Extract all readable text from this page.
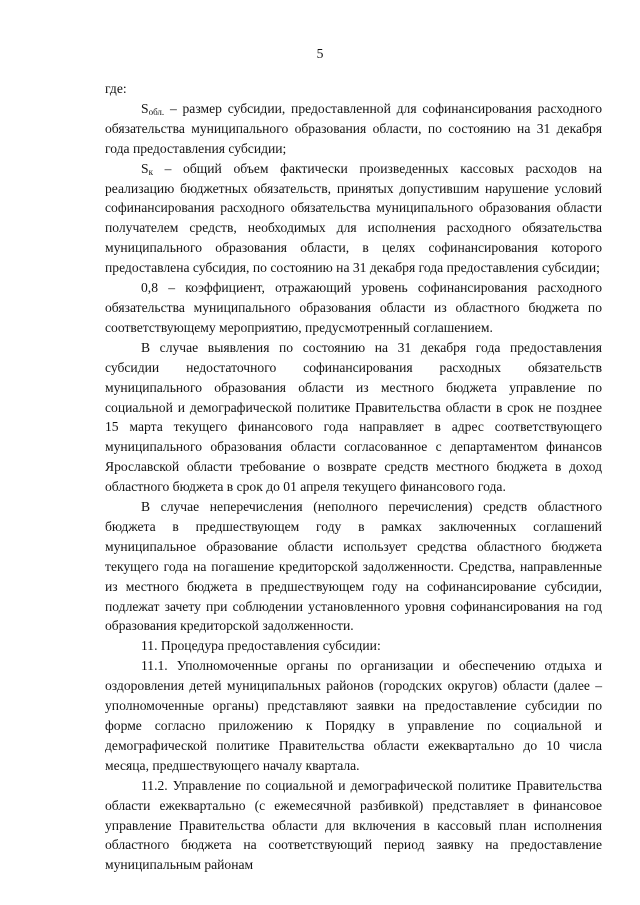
5

где:

$S_{обл.}$ – размер субсидии, предоставленной для софинансирования расходного обязательства муниципального образования области, по состоянию на 31 декабря года предоставления субсидии;

$S_к$ – общий объем фактически произведенных кассовых расходов на реализацию бюджетных обязательств, принятых допустившим нарушение условий софинансирования расходного обязательства муниципального образования области получателем средств, необходимых для исполнения расходного обязательства муниципального образования области, в целях софинансирования которого предоставлена субсидия, по состоянию на 31 декабря года предоставления субсидии;

0,8 – коэффициент, отражающий уровень софинансирования расходного обязательства муниципального образования области из областного бюджета по соответствующему мероприятию, предусмотренный соглашением.

В случае выявления по состоянию на 31 декабря года предоставления субсидии недостаточного софинансирования расходных обязательств муниципального образования области из местного бюджета управление по социальной и демографической политике Правительства области в срок не позднее 15 марта текущего финансового года направляет в адрес соответствующего муниципального образования области согласованное с департаментом финансов Ярославской области требование о возврате средств местного бюджета в доход областного бюджета в срок до 01 апреля текущего финансового года.

В случае неперечисления (неполного перечисления) средств областного бюджета в предшествующем году в рамках заключенных соглашений муниципальное образование области использует средства областного бюджета текущего года на погашение кредиторской задолженности. Средства, направленные из местного бюджета в предшествующем году на софинансирование субсидии, подлежат зачету при соблюдении установленного уровня софинансирования на год образования кредиторской задолженности.

11. Процедура предоставления субсидии:

11.1. Уполномоченные органы по организации и обеспечению отдыха и оздоровления детей муниципальных районов (городских округов) области (далее – уполномоченные органы) представляют заявки на предоставление субсидии по форме согласно приложению к Порядку в управление по социальной и демографической политике Правительства области ежеквартально до 10 числа месяца, предшествующего началу квартала.

11.2. Управление по социальной и демографической политике Правительства области ежеквартально (с ежемесячной разбивкой) представляет в финансовое управление Правительства области для включения в кассовый план исполнения областного бюджета на соответствующий период заявку на предоставление муниципальным районам
